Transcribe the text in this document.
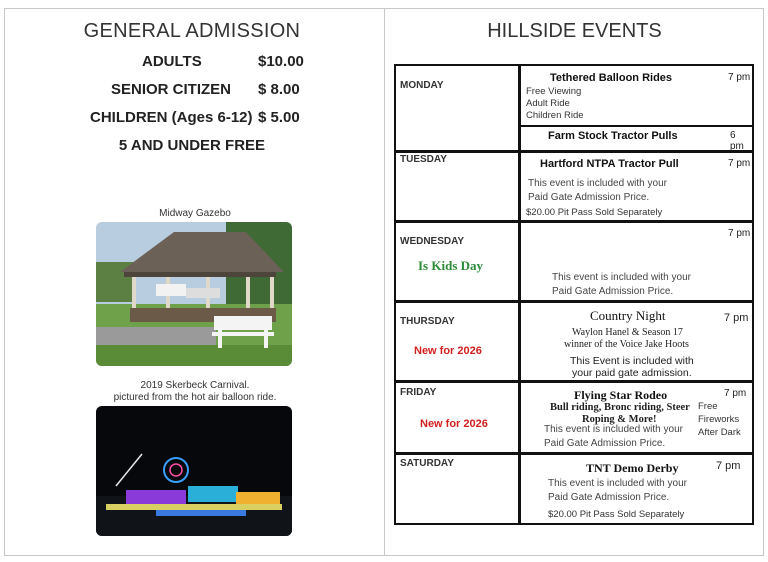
GENERAL ADMISSION
ADULTS	$10.00
SENIOR CITIZEN $ 8.00
CHILDREN (Ages 6-12) $ 5.00
5 AND UNDER FREE
Midway Gazebo
2019 Skerbeck Carnival.
pictured from the hot air balloon ride.
HILLSIDE EVENTS
MONDAY
Tethered Balloon Rides	7 pm
Free Viewing
Adult Ride
Children Ride
Farm Stock Tractor Pulls	6 pm
TUESDAY	Hartford NTPA Tractor Pull	7 pm
This event is included with your
Paid Gate Admission Price.
$20.00 Pit Pass Sold Separately
WEDNESDAY
Is Kids Day
7 pm
This event is included with your
Paid Gate Admission Price.
THURSDAY
New for 2026
Country Night	7 pm
Waylon Hanel & Season 17
winner of the Voice Jake Hoots
This Event is included with
your paid gate admission.
FRIDAY
New for 2026
Flying Star Rodeo	7 pm
Bull riding, Bronc riding, Steer
Roping & More!
This event is included with your
Paid Gate Admission Price.
Free
Fireworks
After Dark
SATURDAY	TNT Demo Derby	7 pm
This event is included with your
Paid Gate Admission Price.
$20.00 Pit Pass Sold Separately
